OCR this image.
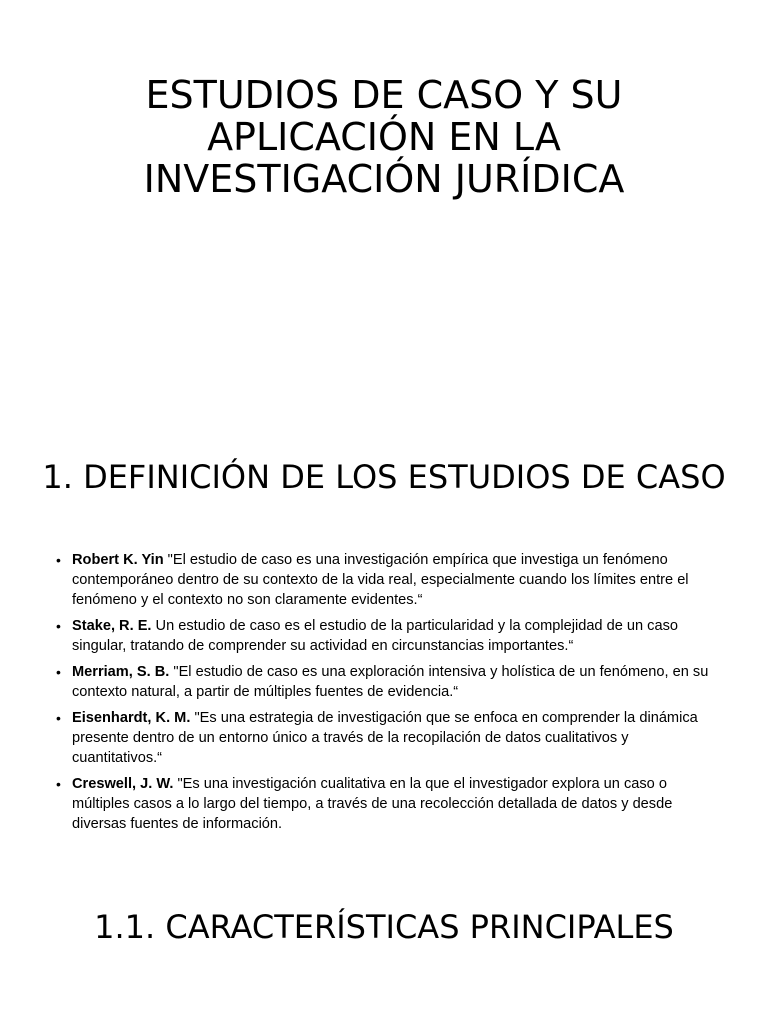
ESTUDIOS DE CASO Y SU
APLICACIÓN EN LA
INVESTIGACIÓN JURÍDICA
1. DEFINICIÓN DE LOS ESTUDIOS DE CASO
• Robert K. Yin "El estudio de caso es una investigación empírica que investiga un fenómeno contemporáneo dentro de su contexto de la vida real, especialmente cuando los límites entre el fenómeno y el contexto no son claramente evidentes.“
• Stake, R. E. Un estudio de caso es el estudio de la particularidad y la complejidad de un caso singular, tratando de comprender su actividad en circunstancias importantes.“
• Merriam, S. B. "El estudio de caso es una exploración intensiva y holística de un fenómeno, en su contexto natural, a partir de múltiples fuentes de evidencia.“
• Eisenhardt, K. M. "Es una estrategia de investigación que se enfoca en comprender la dinámica presente dentro de un entorno único a través de la recopilación de datos cualitativos y cuantitativos.“
• Creswell, J. W. "Es una investigación cualitativa en la que el investigador explora un caso o múltiples casos a lo largo del tiempo, a través de una recolección detallada de datos y desde diversas fuentes de información.
1.1. CARACTERÍSTICAS PRINCIPALES
